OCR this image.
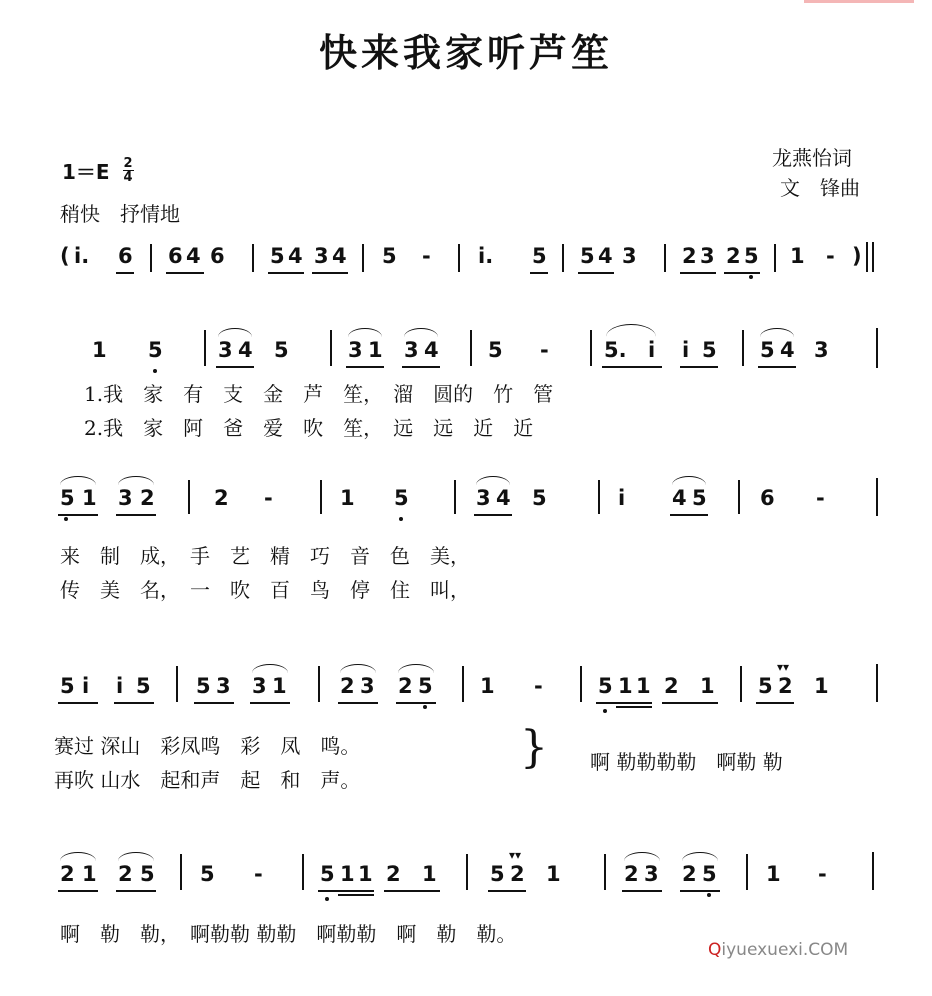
快来我家听芦笙
龙燕怡词
文　锋曲
$1=E \frac{2}{4}$
稍快　抒情地
( i. 6 6 4 6 5 4 3 4 5 - i. 5 5 4 3 2 3 2 5 1 - )
1 5	3 4 5	3 1 3 4 5 -	5. i i 5 5 4 3
1.我　家　有　支　金　芦　笙，　溜　圆的　竹　管
2.我　家　阿　爸　爱　吹　笙，　远　远　近　近
5 1 3 2	2 -	1 5	3 4 5	i 4 5	6 -
来　制　成，　手　艺　精　巧　音　色　美，
传　美　名，　一　吹　百　鸟　停　住　叫，
5 i i 5 5 3 3 1	2 3 2 5 1 -	5 1 1 2 1 5 2 1
▾▾
赛过 深山　彩凤鸣　彩　凤　鸣。
再吹 山水　起和声　起　和　声。
} 啊 勒勒勒勒　啊勒 勒
2 1 2 5 5 -	5 1 1 2 1	5 2 1
▾▾
2 3 2 5 1 -
啊　勒　勒，　啊勒勒 勒勒　啊勒勒　啊　勒　勒。
Qiyuexuexi.COM
